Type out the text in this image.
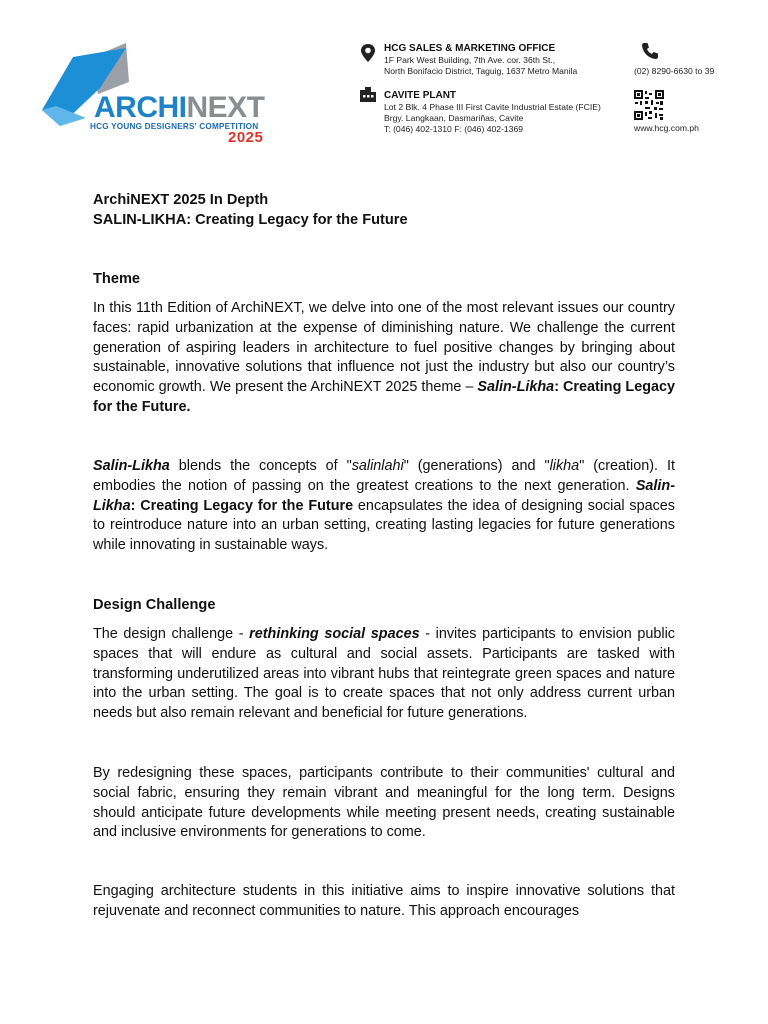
ARCHINEXT
HCG YOUNG DESIGNERS' COMPETITION
2025
HCG SALES & MARKETING OFFICE
1F Park West Building, 7th Ave. cor. 36th St.,
North Bonifacio District, Taguig, 1637 Metro Manila	(02) 8290-6630 to 39
CAVITE PLANT
Lot 2 Blk. 4 Phase III First Cavite Industrial Estate (FCIE)
Brgy. Langkaan, Dasmariñas, Cavite
T: (046) 402-1310 F: (046) 402-1369	www.hcg.com.ph
ArchiNEXT 2025 In Depth
SALIN-LIKHA: Creating Legacy for the Future
Theme

In this 11th Edition of ArchiNEXT, we delve into one of the most relevant issues our country faces: rapid urbanization at the expense of diminishing nature. We challenge the current generation of aspiring leaders in architecture to fuel positive changes by bringing about sustainable, innovative solutions that influence not just the industry but also our country’s economic growth. We present the ArchiNEXT 2025 theme – Salin-Likha: Creating Legacy for the Future.

Salin-Likha blends the concepts of "salinlahi" (generations) and "likha" (creation). It embodies the notion of passing on the greatest creations to the next generation. Salin-Likha: Creating Legacy for the Future encapsulates the idea of designing social spaces to reintroduce nature into an urban setting, creating lasting legacies for future generations while innovating in sustainable ways.

Design Challenge

The design challenge - rethinking social spaces - invites participants to envision public spaces that will endure as cultural and social assets. Participants are tasked with transforming underutilized areas into vibrant hubs that reintegrate green spaces and nature into the urban setting. The goal is to create spaces that not only address current urban needs but also remain relevant and beneficial for future generations.

By redesigning these spaces, participants contribute to their communities' cultural and social fabric, ensuring they remain vibrant and meaningful for the long term. Designs should anticipate future developments while meeting present needs, creating sustainable and inclusive environments for generations to come.

Engaging architecture students in this initiative aims to inspire innovative solutions that rejuvenate and reconnect communities to nature. This approach encourages
